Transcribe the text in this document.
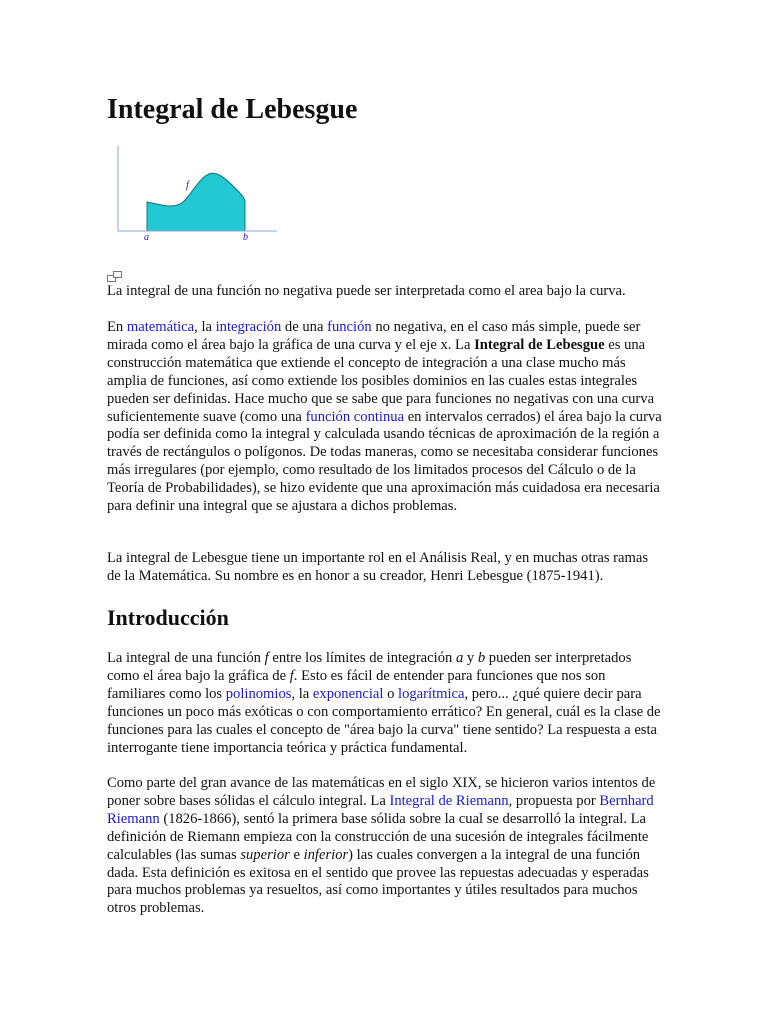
Integral de Lebesgue
f
a	b

La integral de una función no negativa puede ser interpretada como el area bajo la curva.

En matemática, la integración de una función no negativa, en el caso más simple, puede ser mirada como el área bajo la gráfica de una curva y el eje x. La Integral de Lebesgue es una construcción matemática que extiende el concepto de integración a una clase mucho más amplia de funciones, así como extiende los posibles dominios en las cuales estas integrales pueden ser definidas. Hace mucho que se sabe que para funciones no negativas con una curva suficientemente suave (como una función continua en intervalos cerrados) el área bajo la curva podía ser definida como la integral y calculada usando técnicas de aproximación de la región a través de rectángulos o polígonos. De todas maneras, como se necesitaba considerar funciones más irregulares (por ejemplo, como resultado de los limitados procesos del Cálculo o de la Teoría de Probabilidades), se hizo evidente que una aproximación más cuidadosa era necesaria para definir una integral que se ajustara a dichos problemas.

La integral de Lebesgue tiene un importante rol en el Análisis Real, y en muchas otras ramas de la Matemática. Su nombre es en honor a su creador, Henri Lebesgue (1875-1941).

Introducción

La integral de una función f entre los límites de integración a y b pueden ser interpretados como el área bajo la gráfica de f. Esto es fácil de entender para funciones que nos son familiares como los polinomios, la exponencial o logarítmica, pero... ¿qué quiere decir para funciones un poco más exóticas o con comportamiento errático? En general, cuál es la clase de funciones para las cuales el concepto de "área bajo la curva" tiene sentido? La respuesta a esta interrogante tiene importancia teórica y práctica fundamental.

Como parte del gran avance de las matemáticas en el siglo XIX, se hicieron varios intentos de poner sobre bases sólidas el cálculo integral. La Integral de Riemann, propuesta por Bernhard Riemann (1826-1866), sentó la primera base sólida sobre la cual se desarrolló la integral. La definición de Riemann empieza con la construcción de una sucesión de integrales fácilmente calculables (las sumas superior e inferior) las cuales convergen a la integral de una función dada. Esta definición es exitosa en el sentido que provee las repuestas adecuadas y esperadas para muchos problemas ya resueltos, así como importantes y útiles resultados para muchos otros problemas.
